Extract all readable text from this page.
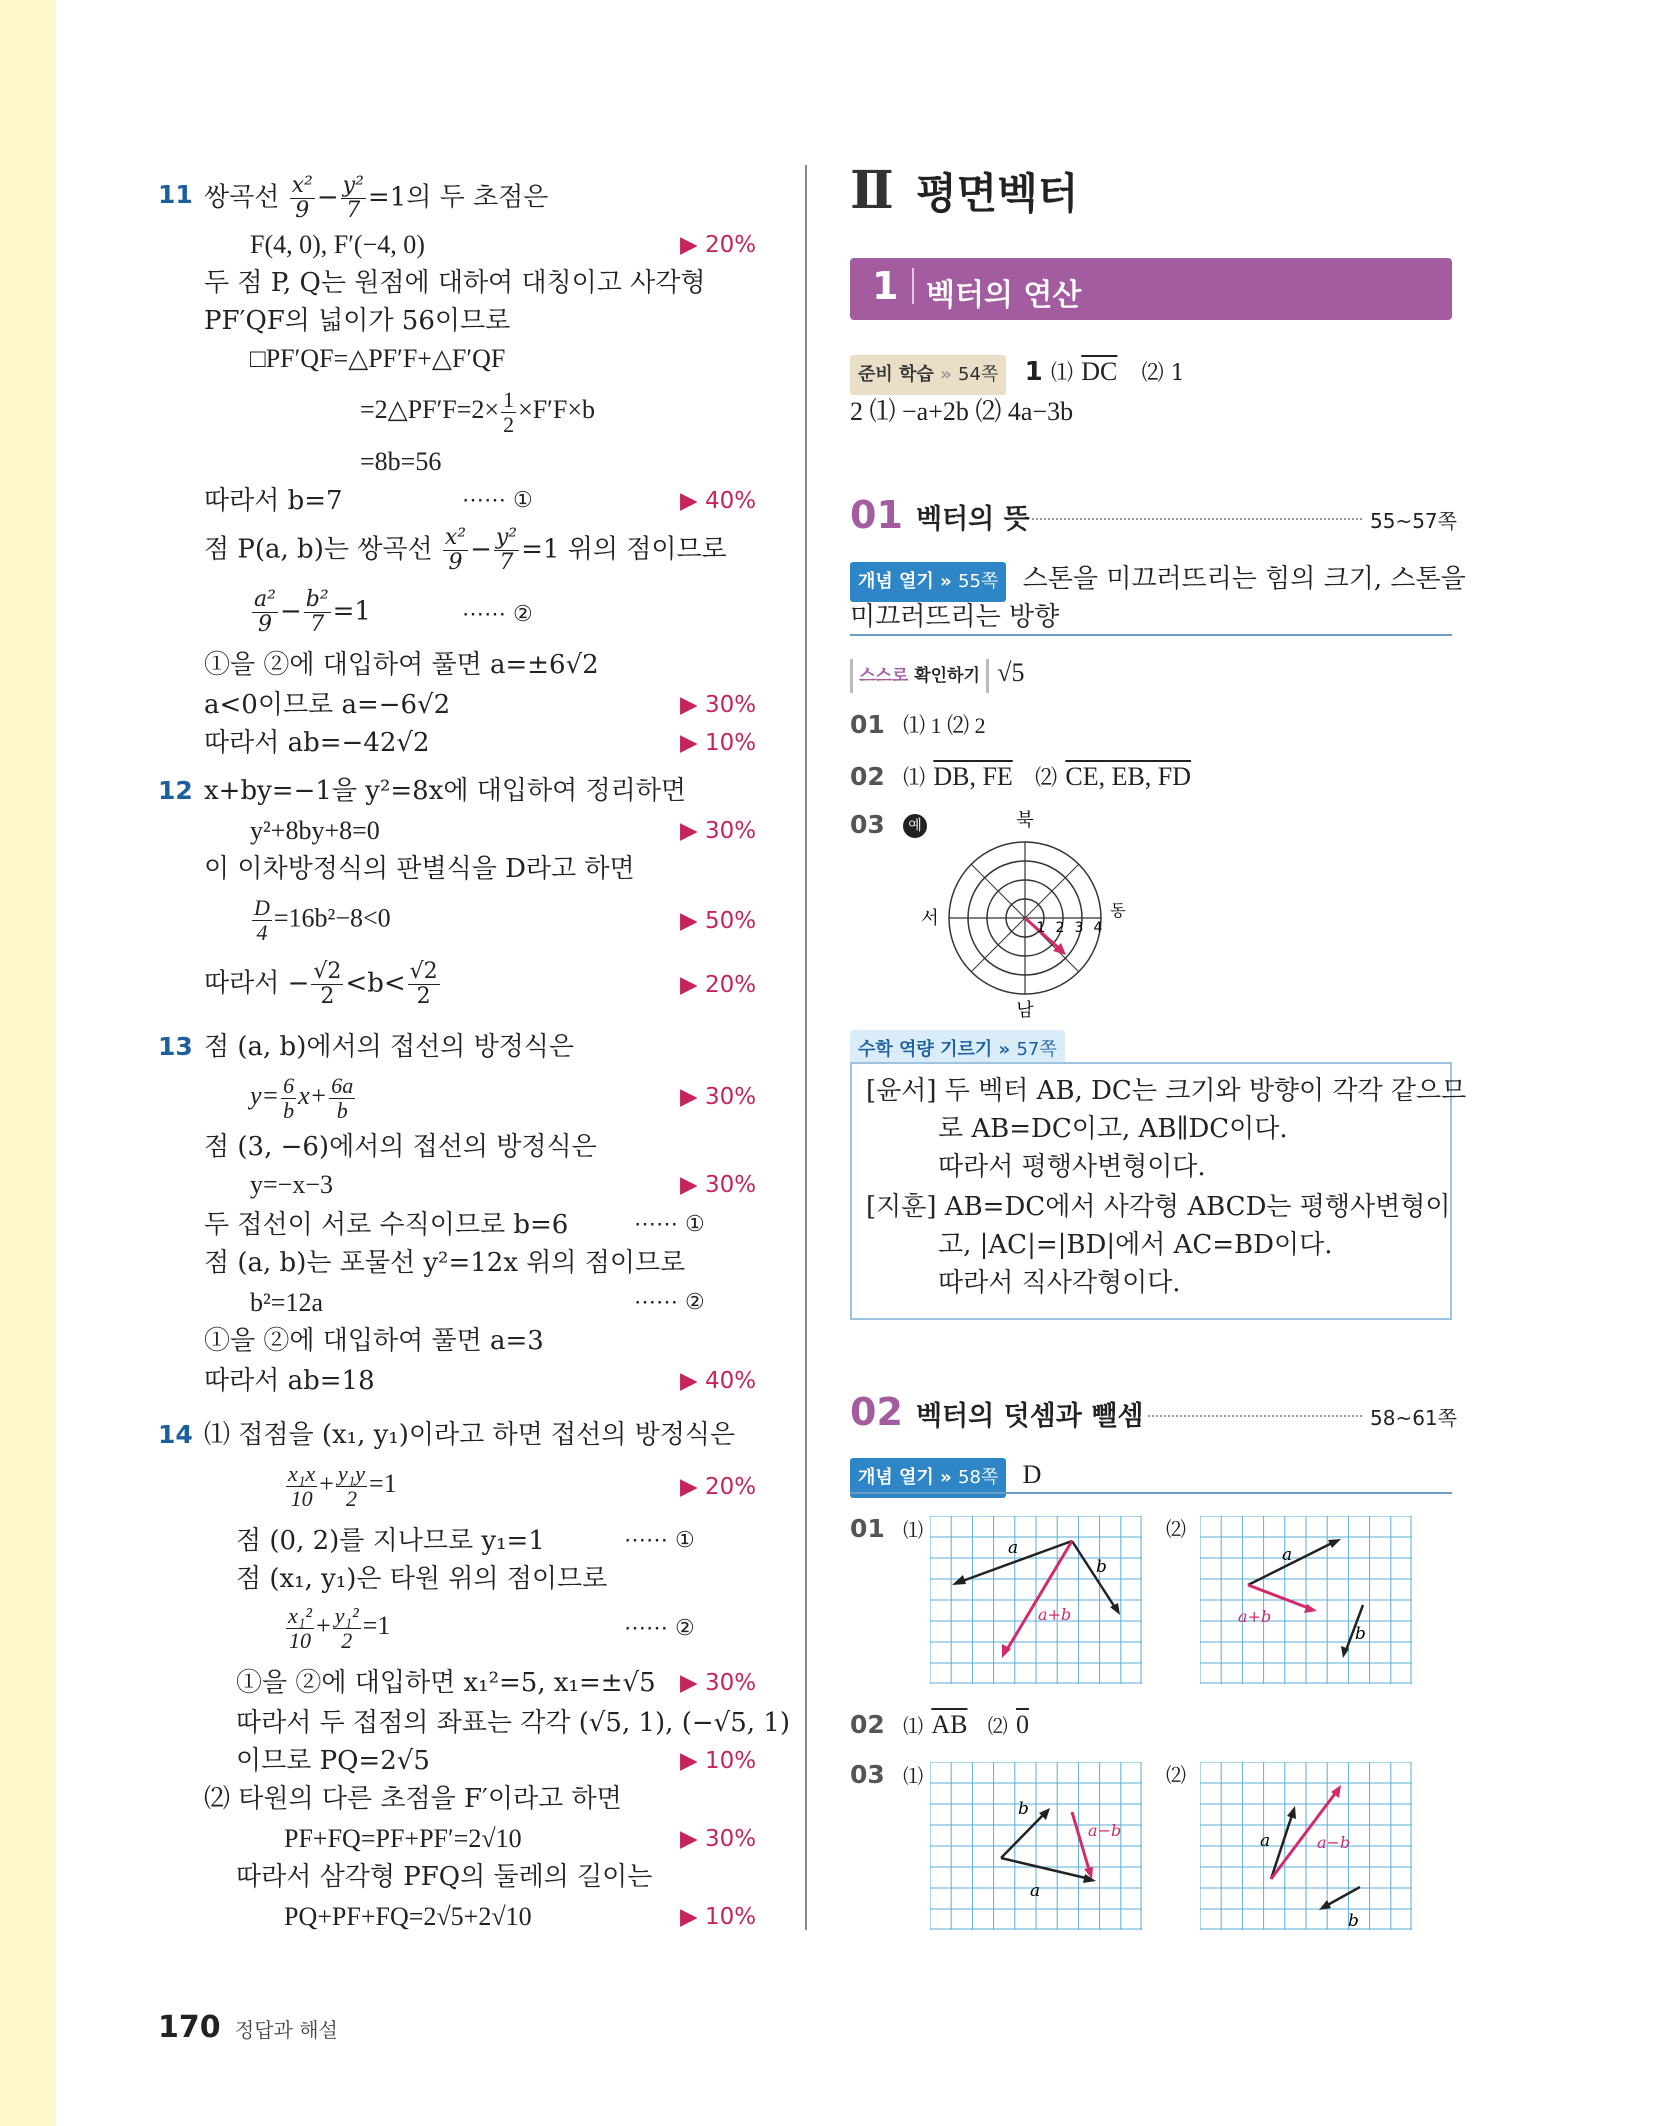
11 쌍곡선 $\frac{\text{x²}}{9} - \frac{\text{y²}}{7} =1$의 두 초점은
F(4, 0), F′(−4, 0)	▶ 20%
두 점 P, Q는 원점에 대하여 대칭이고 사각형
PF′QF의 넓이가 56이므로
□PF′QF=△PF′F+△F′QF
=2△PF′F=2× $\frac{1}{2} \times F'F\times b$
=8b=56
따라서 b=7	⋯⋯ ①	▶ 40%
점 P(a, b)는 쌍곡선 $\frac{\text{x²}}{9} - \frac{\text{y²}}{7} =1$ 위의 점이므로
$\frac{\text{a²}}{9} - \frac{\text{b²}}{7} =1$	⋯⋯ ②
①을 ②에 대입하여 풀면 a=±6√2
a<0이므로 a=−6√2	▶ 30%
따라서 ab=−42√2	▶ 10%
12 x+by=−1을 y²=8x에 대입하여 정리하면
y²+8by+8=0	▶ 30%
이 이차방정식의 판별식을 D라고 하면
$\frac{D}{4} =16b^2-8<0$	▶ 50%
따라서 − $\frac{√2}{2} <b< \frac{√2}{2}$	▶ 20%
13 점 (a, b)에서의 접선의 방정식은
$y= \frac{6}{b} x+ \frac{6a}{b}$	▶ 30%
점 (3, −6)에서의 접선의 방정식은
y=−x−3	▶ 30%
두 접선이 서로 수직이므로 b=6	⋯⋯ ①
점 (a, b)는 포물선 y²=12x 위의 점이므로
b²=12a	⋯⋯ ②
①을 ②에 대입하여 풀면 a=3
따라서 ab=18	▶ 40%
14 ⑴ 접점을 (x₁, y₁)이라고 하면 접선의 방정식은
$\frac{\text{x₁x}}{10} + \frac{\text{y₁y}}{2} =1$	▶ 20%
점 (0, 2)를 지나므로 y₁=1	⋯⋯ ①
점 (x₁, y₁)은 타원 위의 점이므로
$\frac{\text{x₁²}}{10} + \frac{\text{y₁²}}{2} =1$	⋯⋯ ②
①을 ②에 대입하면 x₁²=5, x₁=±√5 ▶ 30%
따라서 두 접점의 좌표는 각각 (√5, 1), (−√5, 1)
이므로 PQ=2√5	▶ 10%
⑵ 타원의 다른 초점을 F′이라고 하면
PF+FQ=PF+PF′=2√10	▶ 30%
따라서 삼각형 PFQ의 둘레의 길이는
PQ+PF+FQ=2√5+2√10	▶ 10%
170 정답과 해설
Ⅱ 평면벡터
1 벡터의 연산
준비 학습 » 54쪽 1 ⑴ $\overline{DC}$ ⑵ 1
2 ⑴ −a+2b ⑵ 4a−3b
01 벡터의 뜻	55~57쪽
개념 열기 » 55쪽 스톤을 미끄러뜨리는 힘의 크기, 스톤을
미끄러뜨리는 방향
스스로 확인하기 √5
01 ⑴ 1 ⑵ 2
02 ⑴ DB, FE ⑵ CE, EB, FD
03 예	북
남
서	동
1 2 3 4
수학 역량 기르기 » 57쪽
[윤서] 두 벡터 AB, DC는 크기와 방향이 각각 같으므
로 AB=DC이고, AB∥DC이다.
따라서 평행사변형이다.
[지훈] AB=DC에서 사각형 ABCD는 평행사변형이
고, |AC|=|BD|에서 AC=BD이다.
따라서 직사각형이다.
02 벡터의 덧셈과 뺄셈	58~61쪽
개념 열기 » 58쪽 D
01 ⑴	⑵
a
b
a+b
a
b
a+b
02 ⑴ $\overline{AB}$ ⑵ 0
03 ⑴	⑵
b
a
a−b
a	a−b
b
